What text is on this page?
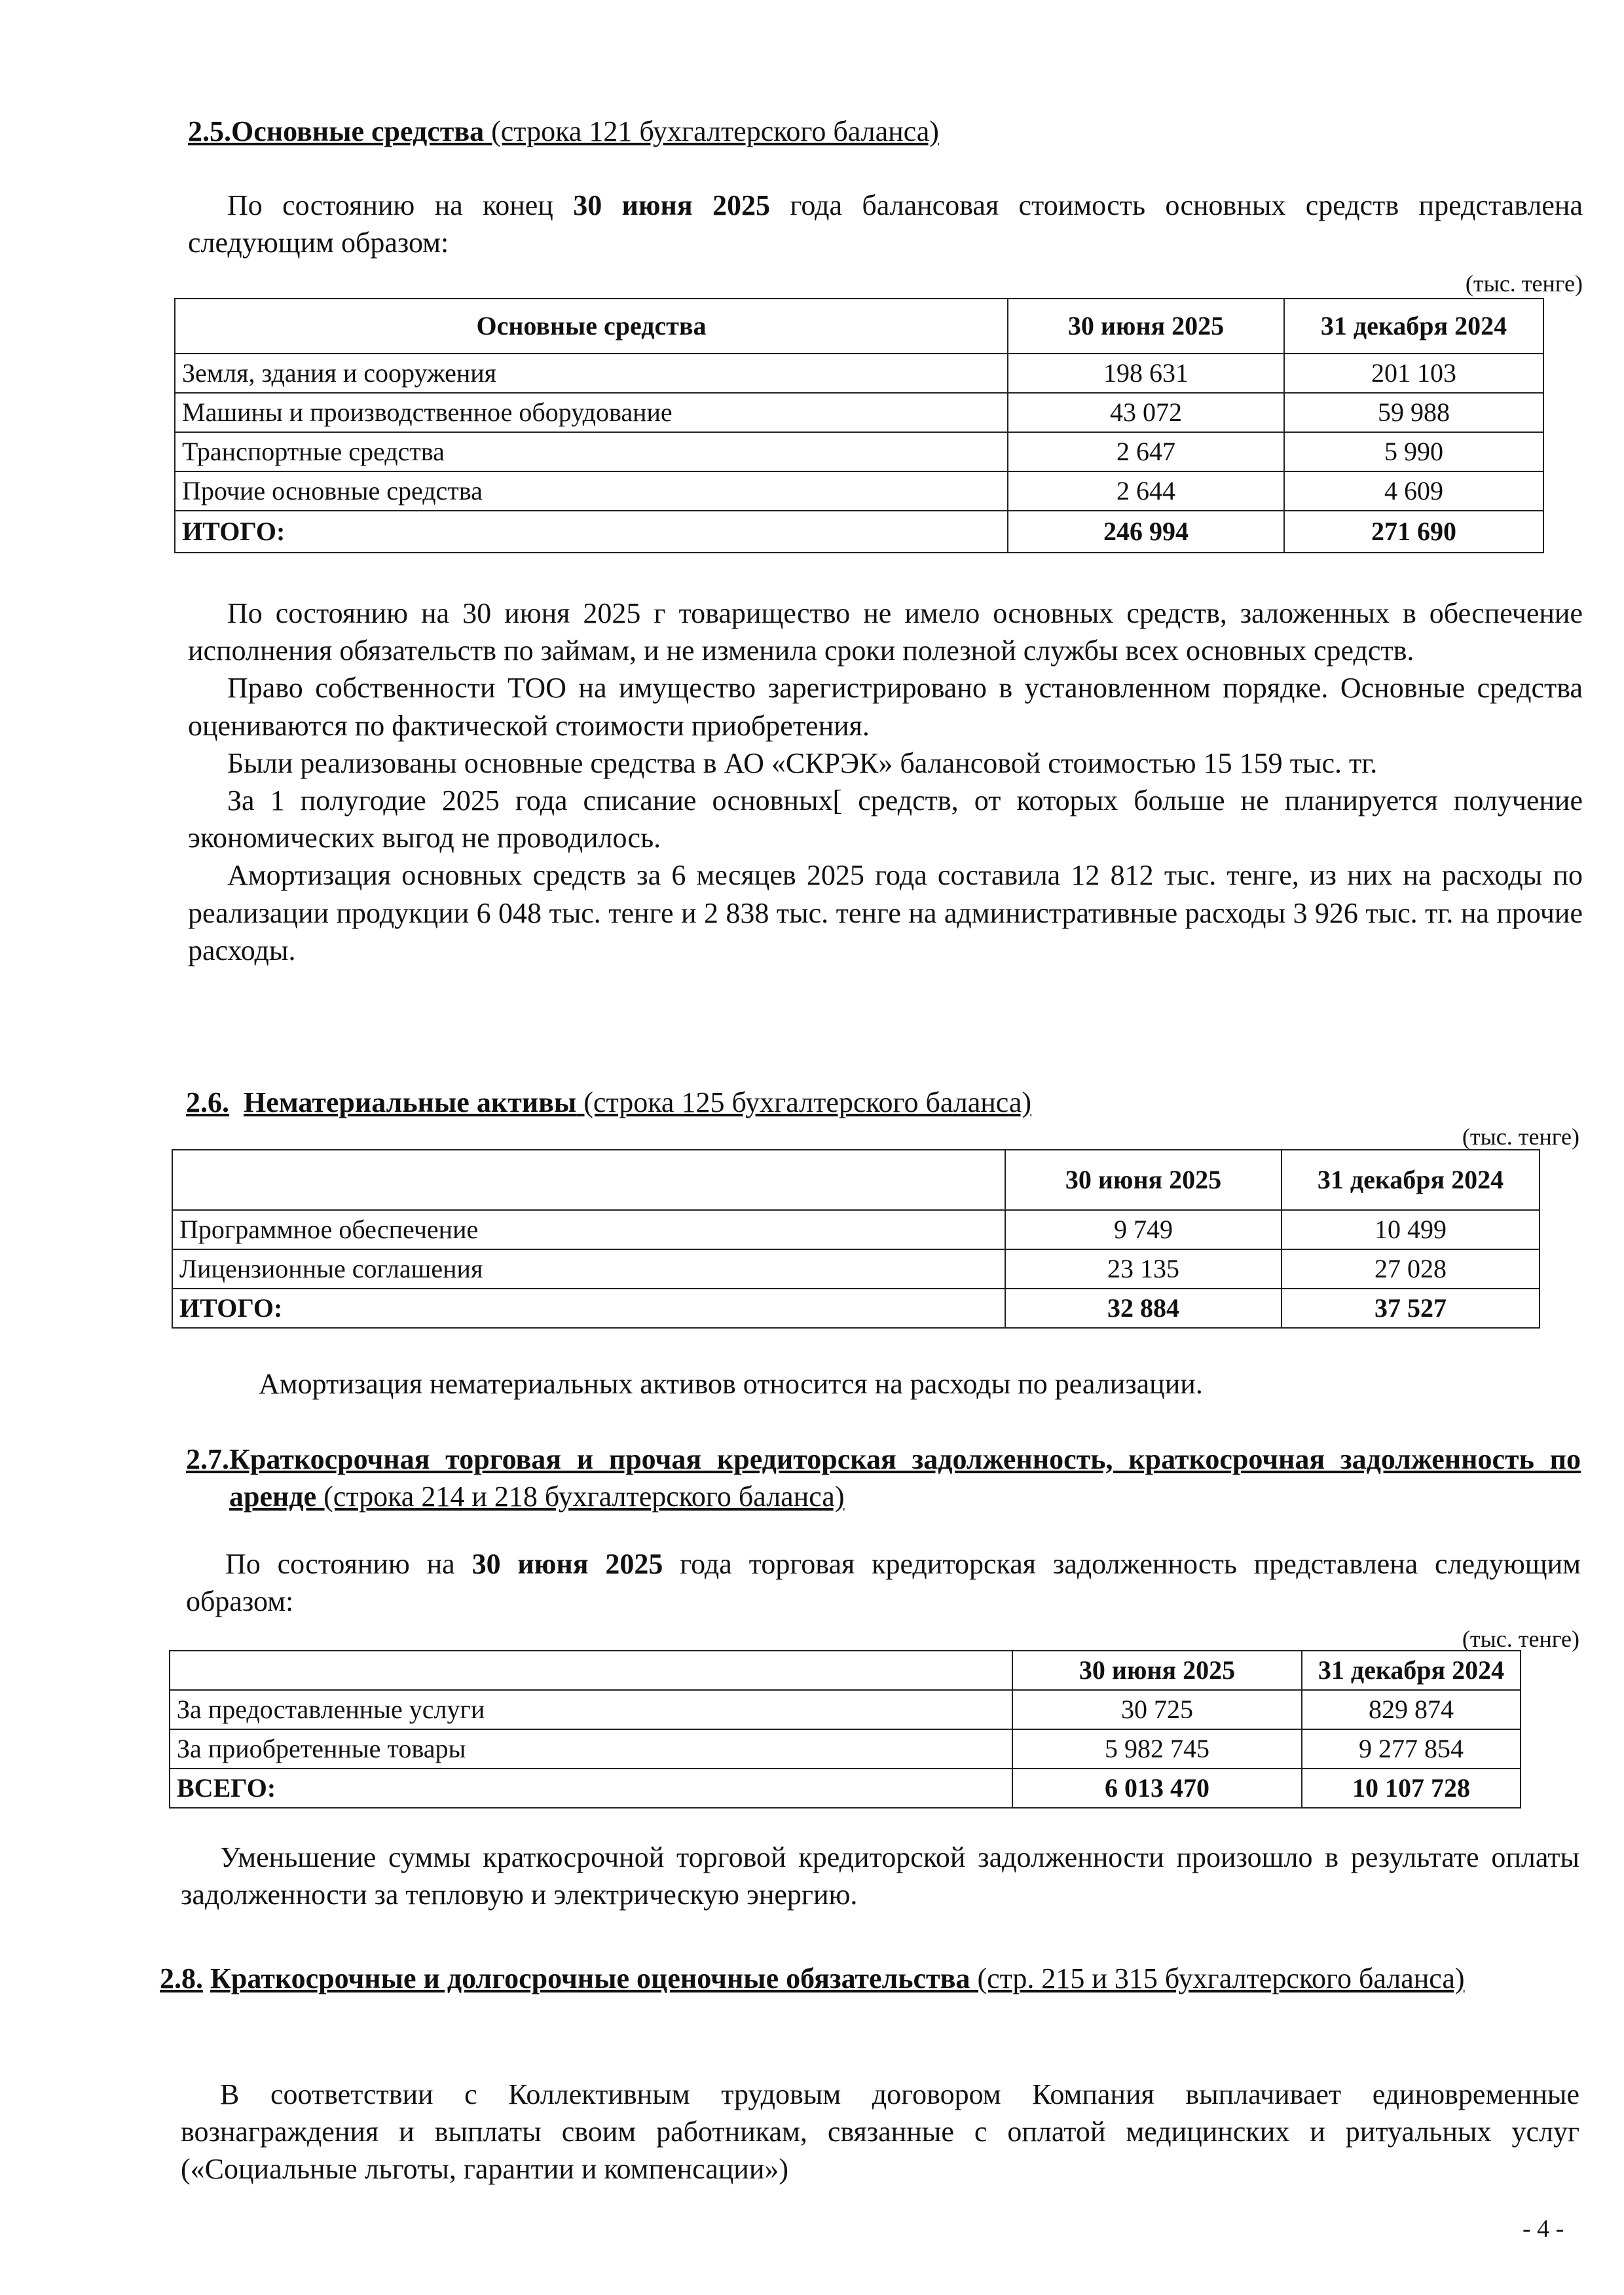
2.5.Основные средства (строка 121 бухгалтерского баланса)

По состоянию на конец 30 июня 2025 года балансовая стоимость основных средств представлена следующим образом:

(тыс. тенге)
Основные средства	30 июня 2025	31 декабря 2024
Земля, здания и сооружения	198 631	201 103
Машины и производственное оборудование	43 072	59 988
Транспортные средства	2 647	5 990
Прочие основные средства	2 644	4 609
ИТОГО:	246 994	271 690

По состоянию на 30 июня 2025 г товарищество не имело основных средств, заложенных в обеспечение исполнения обязательств по займам, и не изменила сроки полезной службы всех основных средств.

Право собственности ТОО на имущество зарегистрировано в установленном порядке. Основные средства оцениваются по фактической стоимости приобретения.

Были реализованы основные средства в АО «СКРЭК» балансовой стоимостью 15 159 тыс. тг.

За 1 полугодие 2025 года списание основных[ средств, от которых больше не планируется получение экономических выгод не проводилось.

Амортизация основных средств за 6 месяцев 2025 года составила 12 812 тыс. тенге, из них на расходы по реализации продукции 6 048 тыс. тенге и 2 838 тыс. тенге на административные расходы 3 926 тыс. тг. на прочие расходы.

2.6. Нематериальные активы (строка 125 бухгалтерского баланса)
(тыс. тенге)
	30 июня 2025	31 декабря 2024
Программное обеспечение	9 749	10 499
Лицензионные соглашения	23 135	27 028
ИТОГО:	32 884	37 527
Амортизация нематериальных активов относится на расходы по реализации.
2.7. Краткосрочная торговая и прочая кредиторская задолженность, краткосрочная задолженность по аренде (строка 214 и 218 бухгалтерского баланса)

По состоянию на 30 июня 2025 года торговая кредиторская задолженность представлена следующим образом:

(тыс. тенге)
	30 июня 2025	31 декабря 2024
За предоставленные услуги	30 725	829 874
За приобретенные товары	5 982 745	9 277 854
ВСЕГО:	6 013 470	10 107 728

Уменьшение суммы краткосрочной торговой кредиторской задолженности произошло в результате оплаты задолженности за тепловую и электрическую энергию.

2.8. Краткосрочные и долгосрочные оценочные обязательства (стр. 215 и 315 бухгалтерского баланса)

В соответствии с Коллективным трудовым договором Компания выплачивает единовременные вознаграждения и выплаты своим работникам, связанные с оплатой медицинских и ритуальных услуг («Социальные льготы, гарантии и компенсации»)

- 4 -
